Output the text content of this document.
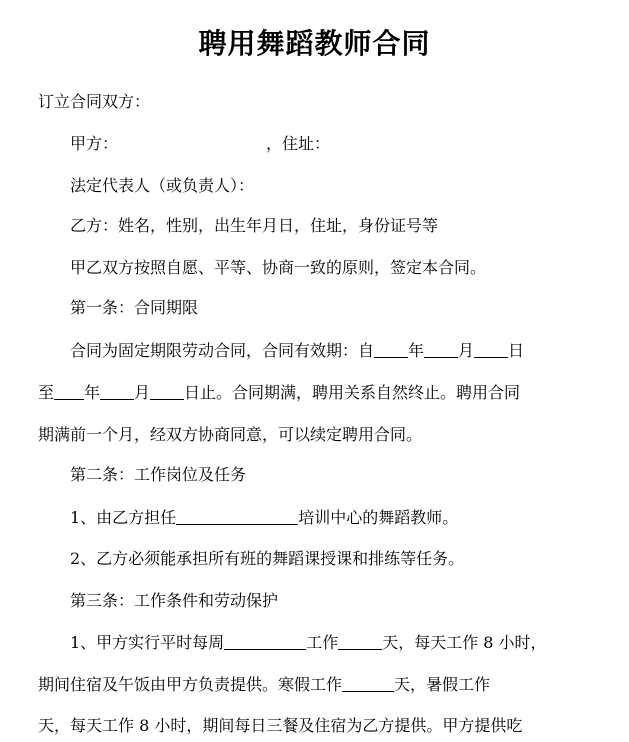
聘用舞蹈教师合同
订立合同双方：
甲方：	，住址：
法定代表人（或负责人）：
乙方：姓名，性别，出生年月日，住址，身份证号等
甲乙双方按照自愿、平等、协商一致的原则，签定本合同。
第一条：合同期限
合同为固定期限劳动合同，合同有效期：自 年 月 日
至 年 月 日止。合同期满，聘用关系自然终止。聘用合同
期满前一个月，经双方协商同意，可以续定聘用合同。
第二条：工作岗位及任务
1、由乙方担任	培训中心的舞蹈教师。
2、乙方必须能承担所有班的舞蹈课授课和排练等任务。
第三条：工作条件和劳动保护
1、甲方实行平时每周	工作	天，每天工作 8 小时，
期间住宿及午饭由甲方负责提供。寒假工作	天，暑假工作
天，每天工作 8 小时，期间每日三餐及住宿为乙方提供。甲方提供吃
